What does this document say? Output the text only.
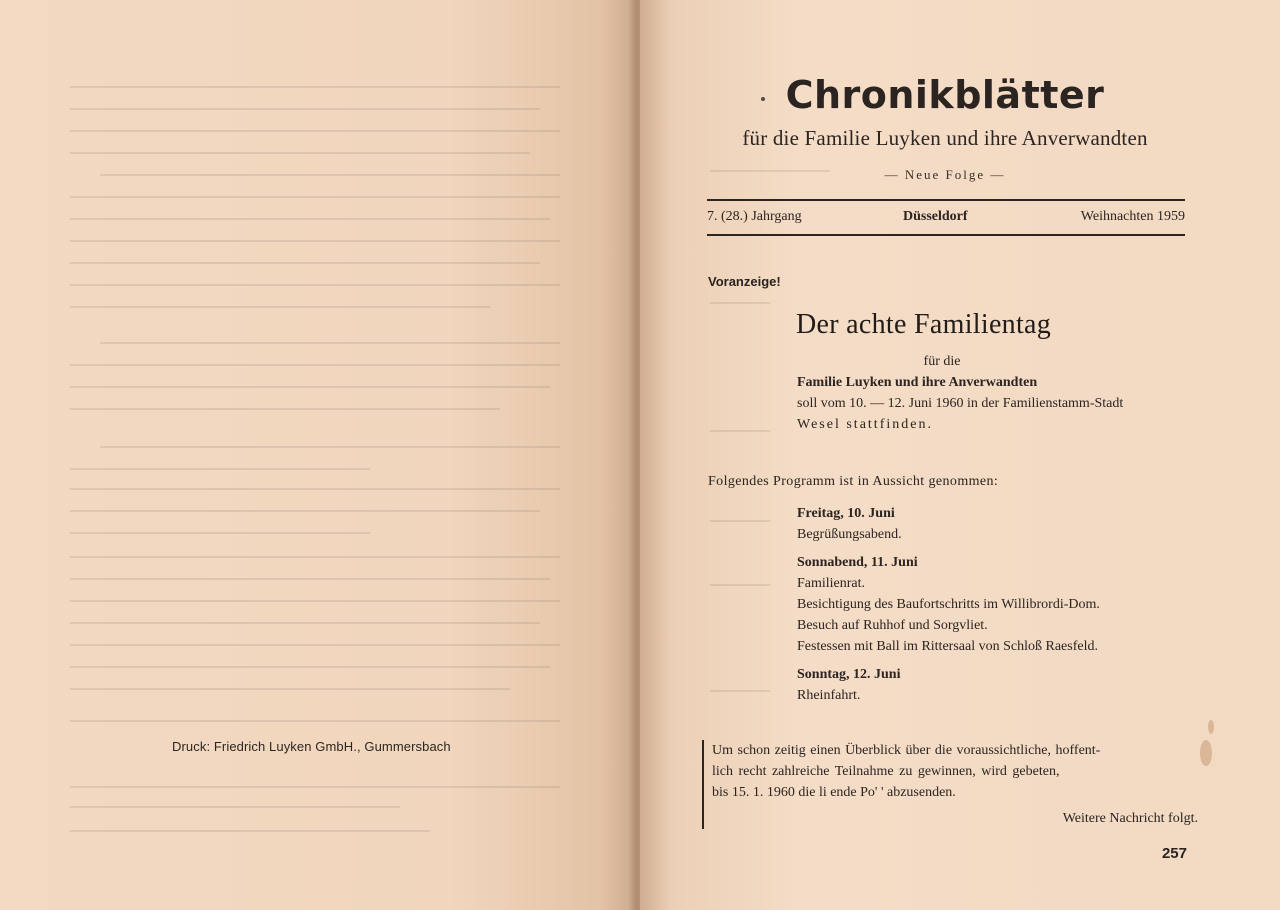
Druck: Friedrich Luyken GmbH., Gummersbach
Chronikblätter
für die Familie Luyken und ihre Anverwandten
— Neue Folge —
7. (28.) Jahrgang	Düsseldorf	Weihnachten 1959
Voranzeige!
Der achte Familientag
für die
Familie Luyken und ihre Anverwandten
soll vom 10. — 12. Juni 1960 in der Familienstamm-Stadt
Wesel stattfinden.
Folgendes Programm ist in Aussicht genommen:
Freitag, 10. Juni
Begrüßungsabend.
Sonnabend, 11. Juni
Familienrat.
Besichtigung des Baufortschritts im Willibrordi-Dom.
Besuch auf Ruhhof und Sorgvliet.
Festessen mit Ball im Rittersaal von Schloß Raesfeld.
Sonntag, 12. Juni
Rheinfahrt.
Um schon zeitig einen Überblick über die voraussichtliche, hoffent-
lich recht zahlreiche Teilnahme zu gewinnen, wird gebeten,
bis 15. 1. 1960 die li ende Po' ' abzusenden.
Weitere Nachricht folgt.
257
